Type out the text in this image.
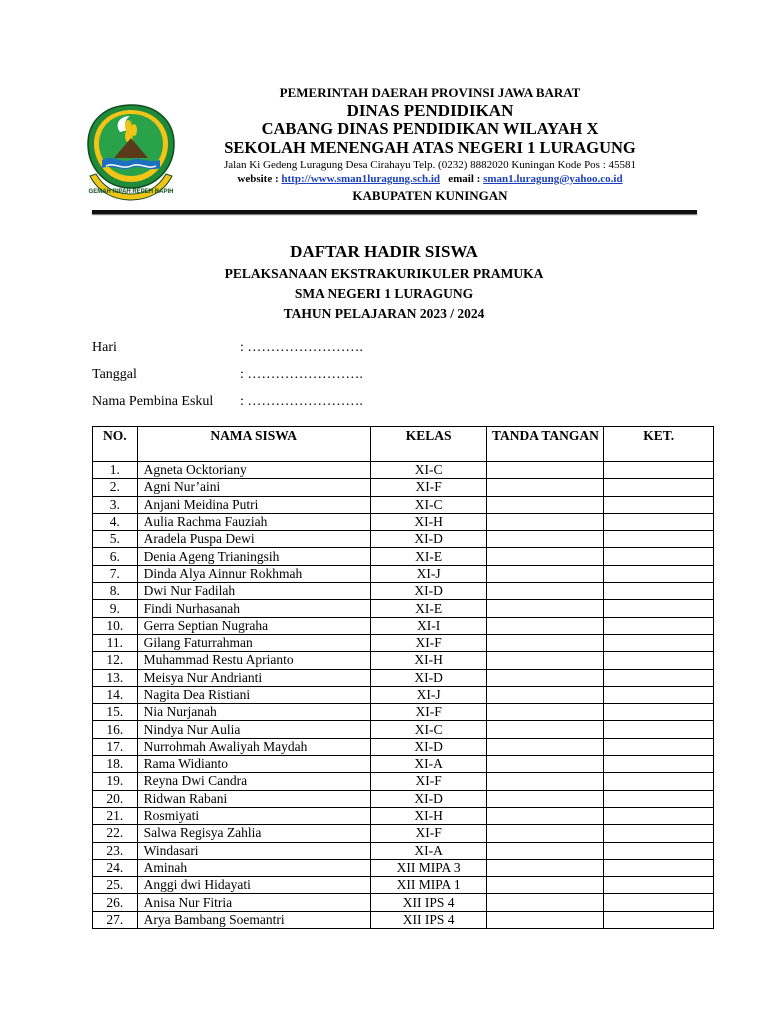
GEMAH RIPAH REPEH RAPIH
PEMERINTAH DAERAH PROVINSI JAWA BARAT
DINAS PENDIDIKAN
CABANG DINAS PENDIDIKAN WILAYAH X
SEKOLAH MENENGAH ATAS NEGERI 1 LURAGUNG
Jalan Ki Gedeng Luragung Desa Cirahayu Telp. (0232) 8882020 Kuningan Kode Pos : 45581
website : http://www.sman1luragung.sch.id email : sman1.luragung@yahoo.co.id
KABUPATEN KUNINGAN
DAFTAR HADIR SISWA
PELAKSANAAN EKSTRAKURIKULER PRAMUKA
SMA NEGERI 1 LURAGUNG
TAHUN PELAJARAN 2023 / 2024
Hari	: …………………….
Tanggal	: …………………….
Nama Pembina Eskul	: …………………….
NO.	NAMA SISWA	KELAS	TANDA TANGAN	KET.
1.	Agneta Ocktoriany	XI-C		
2.	Agni Nur’aini	XI-F		
3.	Anjani Meidina Putri	XI-C		
4.	Aulia Rachma Fauziah	XI-H		
5.	Aradela Puspa Dewi	XI-D		
6.	Denia Ageng Trianingsih	XI-E		
7.	Dinda Alya Ainnur Rokhmah	XI-J		
8.	Dwi Nur Fadilah	XI-D		
9.	Findi Nurhasanah	XI-E		
10.	Gerra Septian Nugraha	XI-I		
11.	Gilang Faturrahman	XI-F		
12.	Muhammad Restu Aprianto	XI-H		
13.	Meisya Nur Andrianti	XI-D		
14.	Nagita Dea Ristiani	XI-J		
15.	Nia Nurjanah	XI-F		
16.	Nindya Nur Aulia	XI-C		
17.	Nurrohmah Awaliyah Maydah	XI-D		
18.	Rama Widianto	XI-A		
19.	Reyna Dwi Candra	XI-F		
20.	Ridwan Rabani	XI-D		
21.	Rosmiyati	XI-H		
22.	Salwa Regisya Zahlia	XI-F		
23.	Windasari	XI-A		
24.	Aminah	XII MIPA 3		
25.	Anggi dwi Hidayati	XII MIPA 1		
26.	Anisa Nur Fitria	XII IPS 4		
27.	Arya Bambang Soemantri	XII IPS 4		
